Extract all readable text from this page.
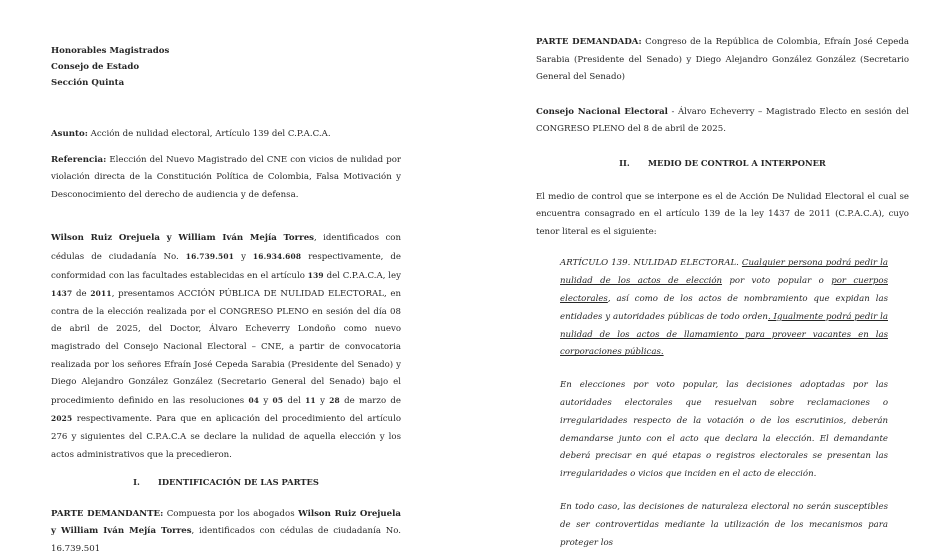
Honorables Magistrados

Consejo de Estado

Sección Quinta

Asunto: Acción de nulidad electoral, Artículo 139 del C.P.A.C.A.

Referencia: Elección del Nuevo Magistrado del CNE con vicios de nulidad por violación directa de la Constitución Política de Colombia, Falsa Motivación y Desconocimiento del derecho de audiencia y de defensa.

Wilson Ruiz Orejuela y William Iván Mejía Torres, identificados con cédulas de ciudadanía No. 16.739.501 y 16.934.608 respectivamente, de conformidad con las facultades establecidas en el artículo 139 del C.P.A.C.A, ley 1437 de 2011, presentamos ACCIÓN PÚBLICA DE NULIDAD ELECTORAL, en contra de la elección realizada por el CONGRESO PLENO en sesión del día 08 de abril de 2025, del Doctor, Álvaro Echeverry Londoño como nuevo magistrado del Consejo Nacional Electoral – CNE, a partir de convocatoria realizada por los señores Efraín José Cepeda Sarabia (Presidente del Senado) y Diego Alejandro González González (Secretario General del Senado) bajo el procedimiento definido en las resoluciones 04 y 05 del 11 y 28 de marzo de 2025 respectivamente. Para que en aplicación del procedimiento del artículo 276 y siguientes del C.P.A.C.A se declare la nulidad de aquella elección y los actos administrativos que la precedieron.

I. IDENTIFICACIÓN DE LAS PARTES

PARTE DEMANDANTE: Compuesta por los abogados Wilson Ruiz Orejuela y William Iván Mejía Torres, identificados con cédulas de ciudadanía No. 16.739.501

PARTE DEMANDADA: Congreso de la República de Colombia, Efraín José Cepeda Sarabia (Presidente del Senado) y Diego Alejandro González González (Secretario General del Senado)

Consejo Nacional Electoral - Álvaro Echeverry – Magistrado Electo en sesión del CONGRESO PLENO del 8 de abril de 2025.

II. MEDIO DE CONTROL A INTERPONER

El medio de control que se interpone es el de Acción De Nulidad Electoral el cual se encuentra consagrado en el artículo 139 de la ley 1437 de 2011 (C.P.A.C.A), cuyo tenor literal es el siguiente:

ARTÍCULO 139. NULIDAD ELECTORAL. Cualquier persona podrá pedir la nulidad de los actos de elección por voto popular o por cuerpos electorales, así como de los actos de nombramiento que expidan las entidades y autoridades públicas de todo orden. Igualmente podrá pedir la nulidad de los actos de llamamiento para proveer vacantes en las corporaciones públicas.

En elecciones por voto popular, las decisiones adoptadas por las autoridades electorales que resuelvan sobre reclamaciones o irregularidades respecto de la votación o de los escrutinios, deberán demandarse junto con el acto que declara la elección. El demandante deberá precisar en qué etapas o registros electorales se presentan las irregularidades o vicios que inciden en el acto de elección.

En todo caso, las decisiones de naturaleza electoral no serán susceptibles de ser controvertidas mediante la utilización de los mecanismos para proteger los
